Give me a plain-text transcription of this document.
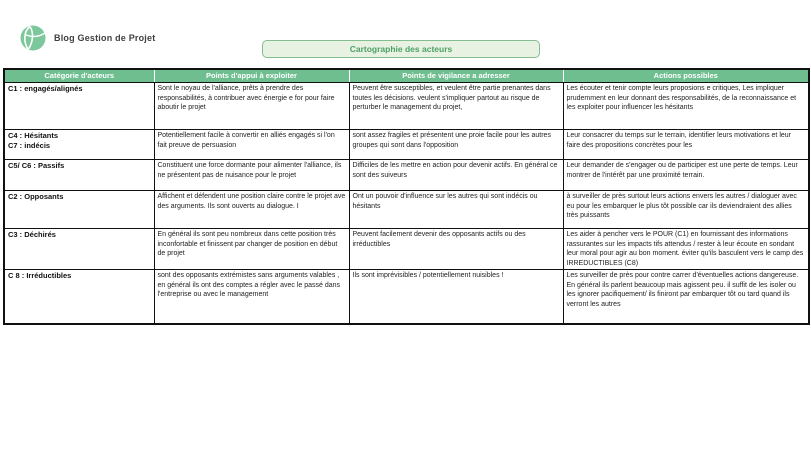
Blog Gestion de Projet
Cartographie des acteurs
Catégorie d'acteurs	Points d'appui à exploiter	Points de vigilance a adresser	Actions possibles

C1 : engagés/alignés	Sont le noyau de l'alliance, prêts à prendre des responsabilités, à contribuer avec énergie e for pour faire aboutir le projet	Peuvent être susceptibles, et veulent être partie prenantes dans toutes les décisions. veulent s'impliquer partout au risque de perturber le management du projet,	Les écouter et tenir compte leurs proposions e critiques, Les impliquer prudemment en leur donnant des responsabilités, de la reconnaissance et les exploiter pour influencer les hésitants

C4 : Hésitants
C7 : indécis	Potentiellement facile à convertir en alliés engagés si l'on fait preuve de persuasion	sont assez fragiles et présentent une proie facile pour les autres groupes qui sont dans l'opposition	Leur consacrer du temps sur le terrain, identifier leurs motivations et leur faire des propositions concrètes pour les

C5/ C6 : Passifs	Constituent une force dormante pour alimenter l'alliance, ils ne présentent pas de nuisance pour le projet	Difficiles de les mettre en action pour devenir actifs. En général ce sont des suiveurs	Leur demander de s'engager ou de participer est une perte de temps. Leur montrer de l'intérêt par une proximité terrain.

C2 : Opposants	Affichent et défendent une position claire contre le projet ave des arguments. Ils sont ouverts au dialogue. I	Ont un pouvoir d'influence sur les autres qui sont indécis ou hésitants	à surveiller de près surtout leurs actions envers les autres / dialoguer avec eu pour les embarquer le plus tôt possible car ils deviendraient des allies très puissants

C3 : Déchirés	En général ils sont peu nombreux dans cette position très inconfortable et finissent par changer de position en début de projet	Peuvent facilement devenir des opposants actifs ou des irréductibles	Les aider à pencher vers le POUR (C1) en fournissant des informations rassurantes sur les impacts tifs attendus / rester à leur écoute en sondant leur moral pour agir au bon moment. éviter qu'ils basculent vers le camp des IRREDUCTIBLES (C8)

C 8 : Irréductibles	sont des opposants extrémistes sans arguments valables , en général ils ont des comptes a régler avec le passé dans l'entreprise ou avec le management	Ils sont imprévisibles / potentiellement nuisibles !	Les surveiller de près pour contre carrer d'éventuelles actions dangereuse. En général ils parlent beaucoup mais agissent peu. il suffit de les isoler ou les ignorer pacifiquement/ ils finiront par embarquer tôt ou tard quand ils verront les autres
